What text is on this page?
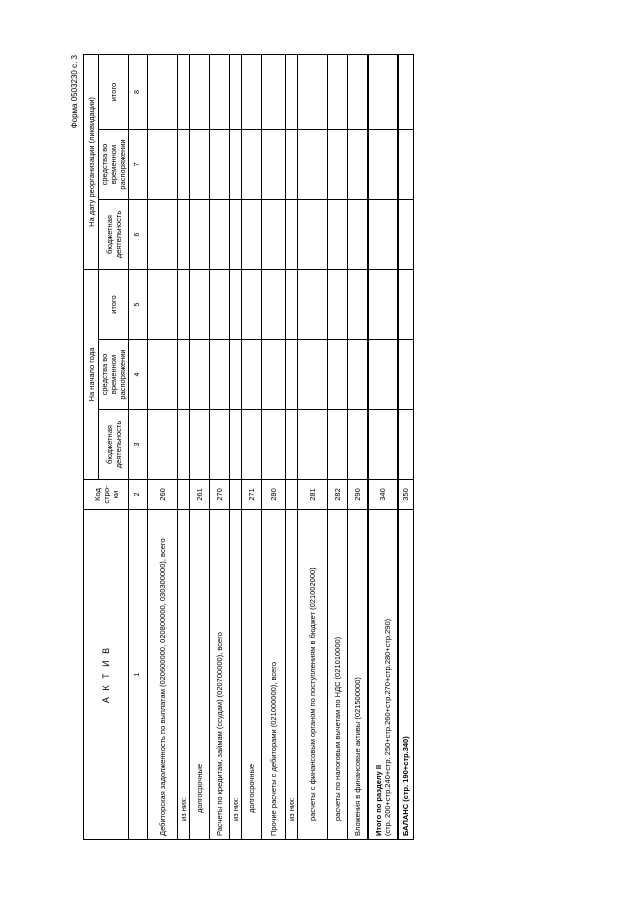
Форма 0503230 с. 3
А К Т И В	Код стро- ки	На начало года			На дату реорганизации (ликвидации)		
		бюджетная деятельность	средства во временном распоряжении	итого	бюджетная деятельность	средства во временном распоряжении	итого
1	2	3	4	5	6	7	8
Дебиторская задолженность по выплатам (020600000, 020800000, 030300000), всего	260						
из них:							
долгосрочные	261						
Расчеты по кредитам, займам (ссудам) (020700000), всего	270						
из них:							
долгосрочные	271						
Прочие расчеты с дебиторами (021000000), всего	280						
из них:							
расчеты с финансовым органом по поступлениям в бюджет (021002000)	281						
расчеты по налоговым вычетам по НДС (021010000)	282						
Вложения в финансовые активы (021500000)	290						

Итого по разделу II (стр. 200+стр.240+стр. 250+стр.260+стр.270+стр.280+стр.290)	340						
БАЛАНС (стр. 190+стр.340)	350						
